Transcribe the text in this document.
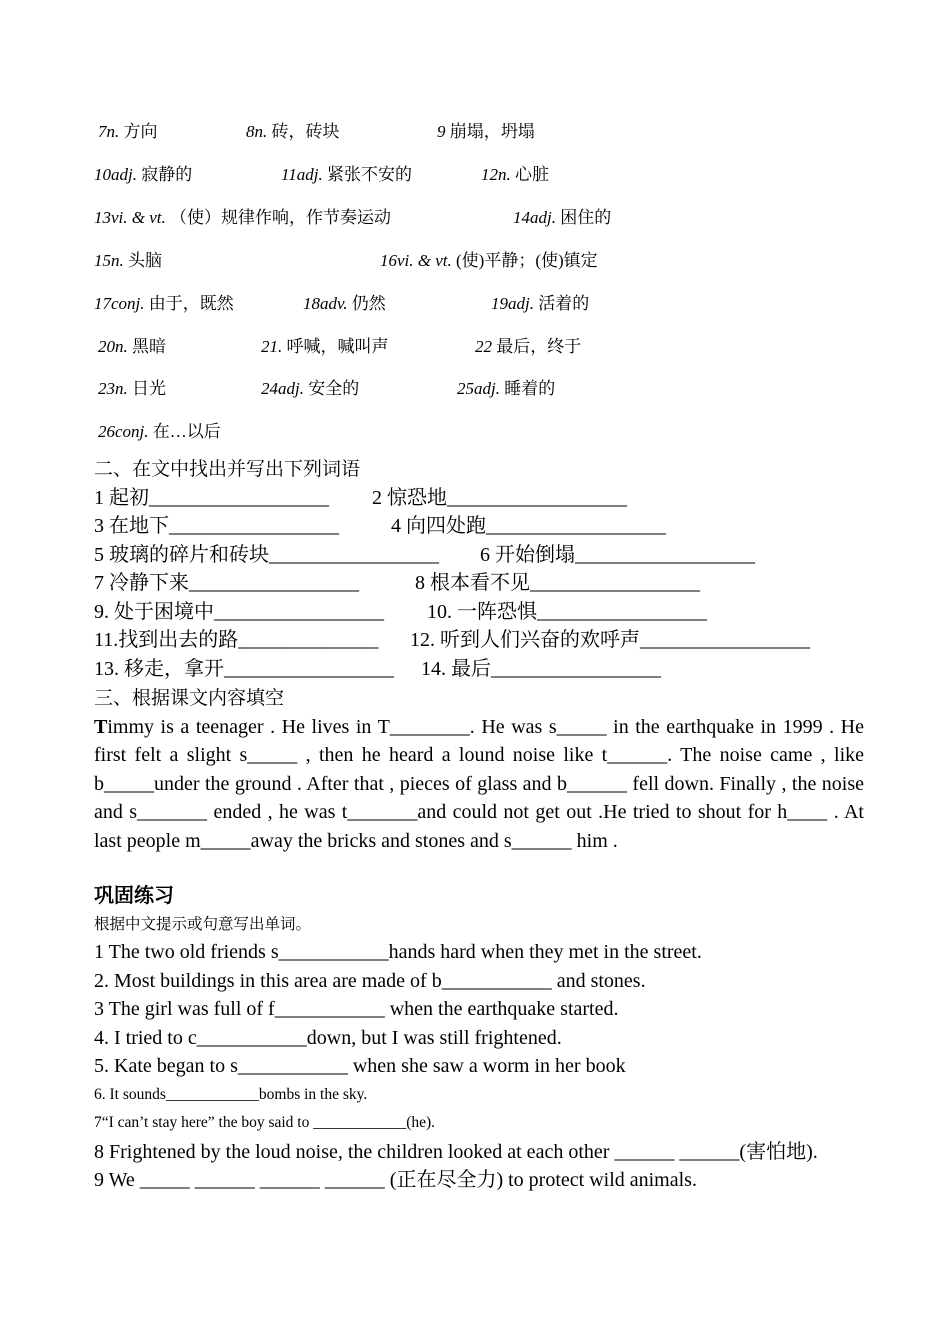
7n. 方向	8n. 砖，砖块	9 崩塌，坍塌
10adj. 寂静的	11adj. 紧张不安的	12n. 心脏
13vi. & vt. （使）规律作响，作节奏运动	14adj. 困住的
15n. 头脑	16vi. & vt. (使)平静；(使)镇定
17conj. 由于，既然	18adv. 仍然	19adj. 活着的
20n. 黑暗	21. 呼喊，喊叫声	22 最后，终于
23n. 日光	24adj. 安全的	25adj. 睡着的
26conj. 在…以后
二、在文中找出并写出下列词语
1 起初__________________ 2 惊恐地__________________
3 在地下_________________	4 向四处跑__________________
5 玻璃的碎片和砖块_________________ 6 开始倒塌__________________
7 冷静下来_________________	8 根本看不见_________________
9. 处于困境中_________________ 10. 一阵恐惧_________________
11.找到出去的路______________ 12. 听到人们兴奋的欢呼声_________________
13. 移走，拿开_________________ 14. 最后_________________
三、根据课文内容填空
Timmy is a teenager . He lives in T________. He was s_____ in the earthquake in 1999 . He first felt a slight s_____ , then he heard a lound noise like t______. The noise came , like b_____under the ground . After that , pieces of glass and b______ fell down. Finally , the noise and s_______ ended , he was t_______and could not get out .He tried to shout for h____ . At last people m_____away the bricks and stones and s______ him .
巩固练习
根据中文提示或句意写出单词。
1 The two old friends s___________hands hard when they met in the street.
2. Most buildings in this area are made of b___________ and stones.
3 The girl was full of f___________ when the earthquake started.
4. I tried to c___________down, but I was still frightened.
5. Kate began to s___________ when she saw a worm in her book
6. It sounds____________bombs in the sky.
7“I can’t stay here” the boy said to ____________(he).
8 Frightened by the loud noise, the children looked at each other ______ ______(害怕地).
9 We _____ ______ ______ ______ (正在尽全力) to protect wild animals.
